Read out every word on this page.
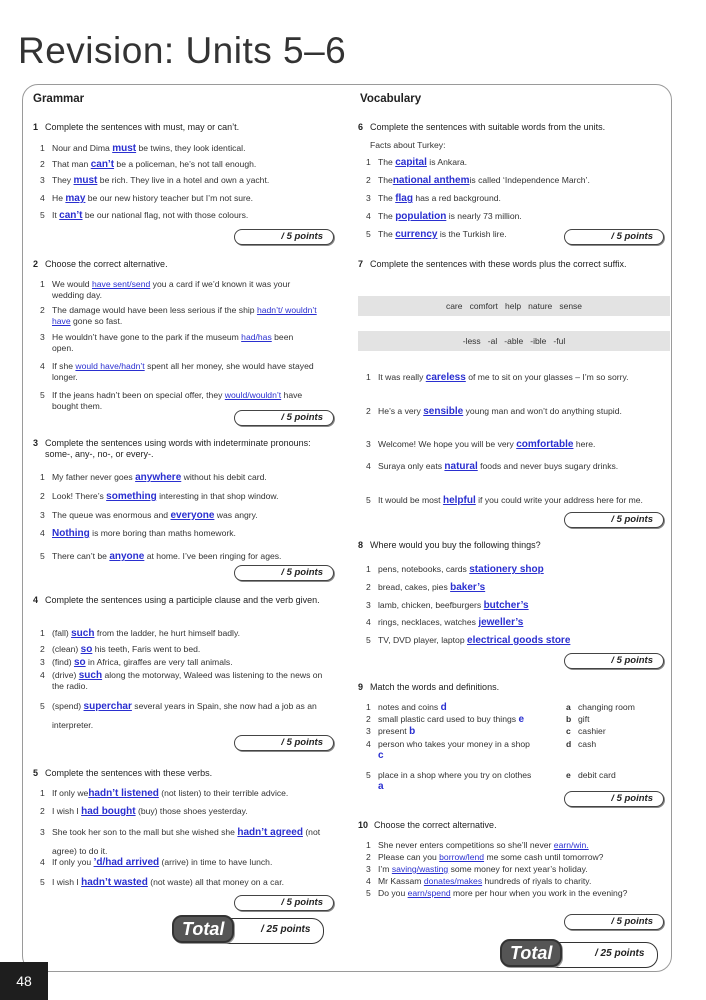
Revision: Units 5–6
Grammar
1 Complete the sentences with must, may or can’t.
1 Nour and Dima must be twins, they look identical.
2 That man can’t be a policeman, he’s not tall enough.
3 They must be rich. They live in a hotel and own a yacht.
4 He may be our new history teacher but I’m not sure.
5 It can’t be our national flag, not with those colours.
/ 5 points
2 Choose the correct alternative.
1 We would have sent/send you a card if we’d known it was your wedding day.
2 The damage would have been less serious if the ship hadn’t/ wouldn’t have gone so fast.
3 He wouldn’t have gone to the park if the museum had/has been open.
4 If she would have/hadn’t spent all her money, she would have stayed longer.
5 If the jeans hadn’t been on special offer, they would/wouldn’t have bought them.
/ 5 points
3 Complete the sentences using words with indeterminate pronouns: some-, any-, no-, or every-.
1 My father never goes anywhere without his debit card.
2 Look! There’s something interesting in that shop window.
3 The queue was enormous and everyone was angry.
4 Nothing is more boring than maths homework.
5 There can’t be anyone at home. I’ve been ringing for ages.
/ 5 points
4 Complete the sentences using a participle clause and the verb given.
1 (fall) such from the ladder, he hurt himself badly.
2 (clean) so his teeth, Faris went to bed.
3 (find) so in Africa, giraffes are very tall animals.
4 (drive) such along the motorway, Waleed was listening to the news on the radio.
5 (spend) superchar several years in Spain, she now had a job as an interpreter.
/ 5 points
5 Complete the sentences with these verbs.
1 If only wehadn’t listened (not listen) to their terrible advice.
2 I wish I had bought (buy) those shoes yesterday.
3 She took her son to the mall but she wished she hadn’t agreed (not agree) to do it.
4 If only you ’d/had arrived (arrive) in time to have lunch.
5 I wish I hadn’t wasted (not waste) all that money on a car.
/ 5 points
/ 25 points
Total
Vocabulary
6 Complete the sentences with suitable words from the units.
Facts about Turkey:
1 The capital is Ankara.
2 Thenational anthemis called ‘Independence March’.
3 The flag has a red background.
4 The population is nearly 73 million.
5 The currency is the Turkish lire.	/ 5 points
7 Complete the sentences with these words plus the correct suffix.
care   comfort   help   nature   sense
-less   -al   -able   -ible   -ful
1 It was really careless of me to sit on your glasses – I’m so sorry.
2 He’s a very sensible young man and won’t do anything stupid.
3 Welcome! We hope you will be very comfortable here.
4 Suraya only eats natural foods and never buys sugary drinks.
5 It would be most helpful if you could write your address here for me.
/ 5 points
8 Where would you buy the following things?
1 pens, notebooks, cards stationery shop
2 bread, cakes, pies baker’s
3 lamb, chicken, beefburgers butcher’s
4 rings, necklaces, watches jeweller’s
5 TV, DVD player, laptop electrical goods store
/ 5 points
9 Match the words and definitions.
1 notes and coins d
2 small plastic card used to buy things e
3 present b
4 person who takes your money in a shop c
5 place in a shop where you try on clothes a
a changing room
b gift
c cashier
d cash
e debit card
/ 5 points
10 Choose the correct alternative.
1 She never enters competitions so she’ll never earn/win.
2 Please can you borrow/lend me some cash until tomorrow?
3 I’m saving/wasting some money for next year’s holiday.
4 Mr Kassam donates/makes hundreds of riyals to charity.
5 Do you earn/spend more per hour when you work in the evening?
/ 5 points
/ 25 points
Total
48
